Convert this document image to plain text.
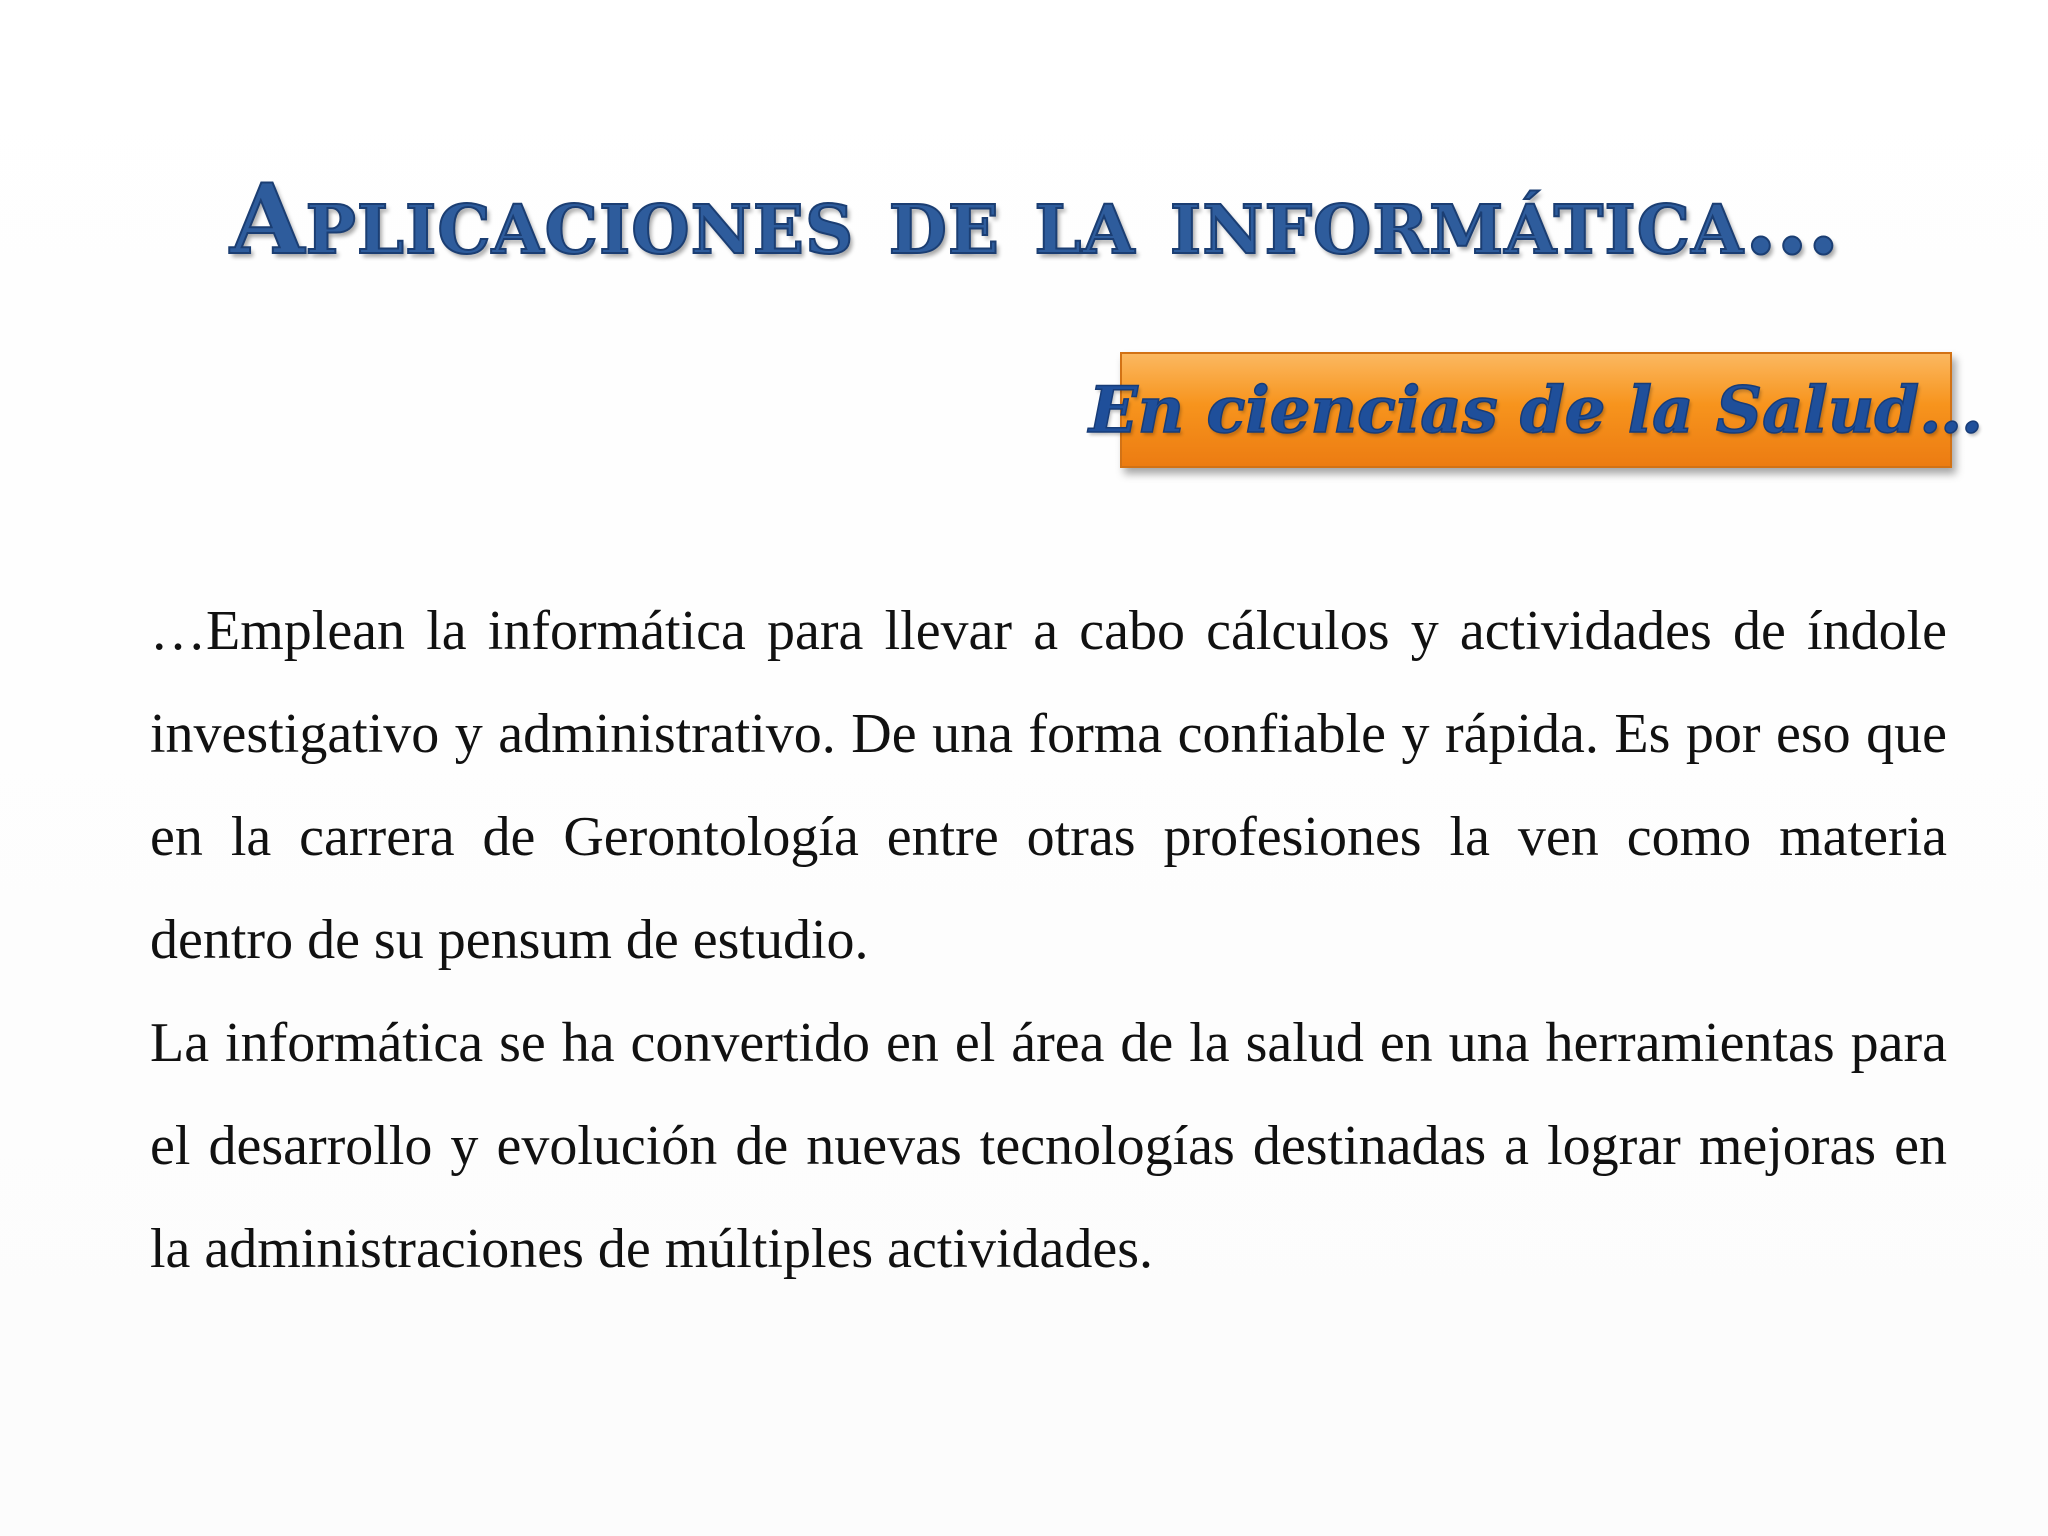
Aplicaciones de la informática…
En ciencias de la Salud…

…Emplean la informática para llevar a cabo cálculos y actividades de índole investigativo y administrativo. De una forma confiable y rápida. Es por eso que en la carrera de Gerontología entre otras profesiones la ven como materia dentro de su pensum de estudio.

La informática se ha convertido en el área de la salud en una herramientas para el desarrollo y evolución de nuevas tecnologías destinadas a lograr mejoras en la administraciones de múltiples actividades.
